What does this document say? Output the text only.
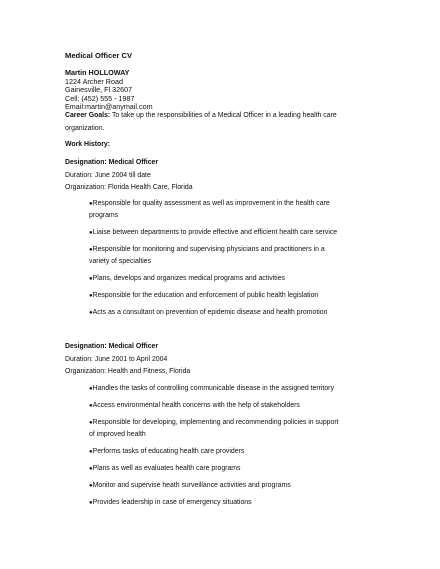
Medical Officer CV
Martin HOLLOWAY
1224 Archer Road
Gainesville, Fl 32607
Cell: (452) 555 - 1987
Email:martin@anymail.com
Career Goals: To take up the responsibilities of a Medical Officer in a leading health care organization.
Work History:
Designation: Medical Officer
Duration: June 2004 till date
Organization: Florida Health Care, Florida
●Responsible for quality assessment as well as improvement in the health care programs
●Liaise between departments to provide effective and efficient health care service
●Responsible for monitoring and supervising physicians and practitioners in a variety of specialties
●Plans, develops and organizes medical programs and activities
●Responsible for the education and enforcement of public health legislation
●Acts as a consultant on prevention of epidemic disease and health promotion
Designation: Medical Officer
Duration: June 2001 to April 2004
Organization: Health and Fitness, Florida
●Handles the tasks of controlling communicable disease in the assigned territory
●Access environmental health concerns with the help of stakeholders
●Responsible for developing, implementing and recommending policies in support of improved health
●Performs tasks of educating health care providers
●Plans as well as evaluates health care programs
●Monitor and supervise heath surveillance activities and programs
●Provides leadership in case of emergency situations
